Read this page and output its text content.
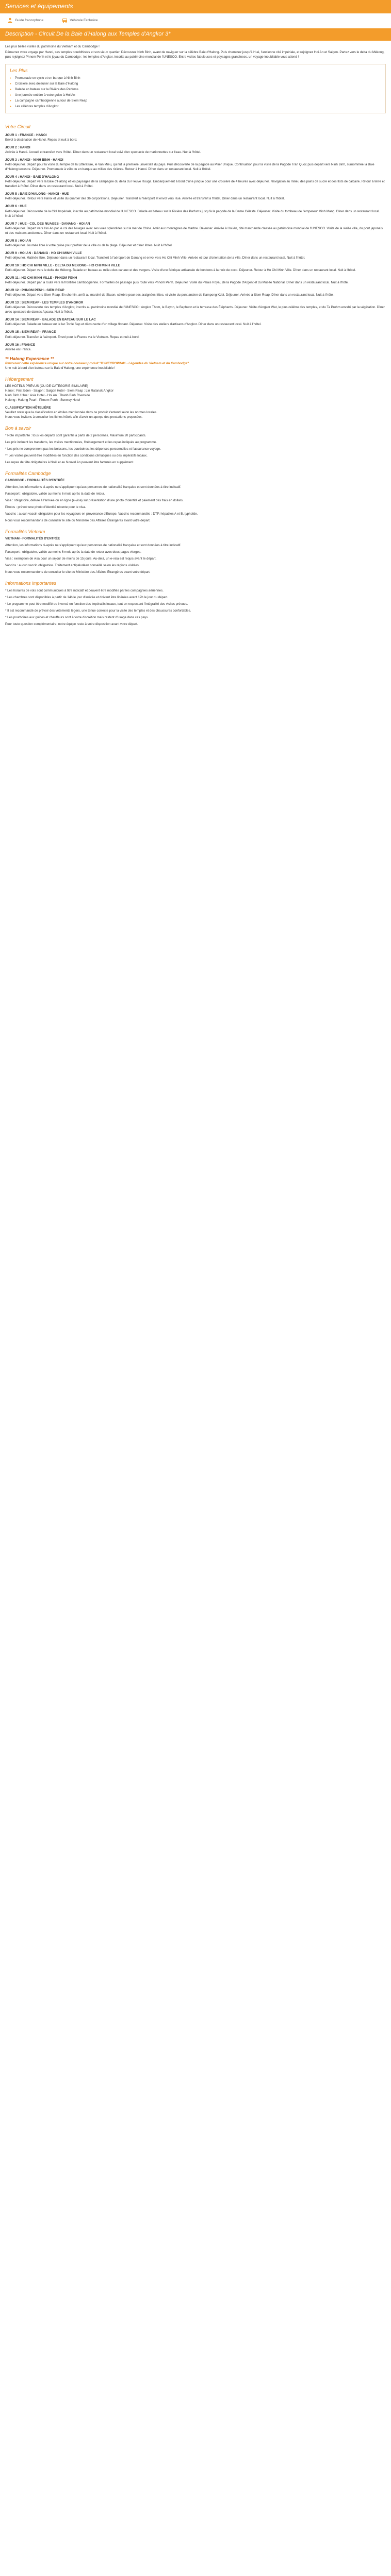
Services et équipements
Guide francophone	Véhicule Exclusive
Description - Circuit De la Baie d'Halong aux Temples d'Angkor 3*

Les plus belles visites du patrimoine du Vietnam et du Cambodge !

Démarrez votre voyage par Hanoi, ses temples bouddhistes et son vieux quartier. Découvrez Ninh Binh, avant de naviguer sur la célèbre Baie d'Halong. Puis cheminez jusqu'à Hué, l'ancienne cité impériale, et rejoignez Hoi An et Saigon. Partez vers le delta du Mékong, puis rejoignez Phnom Penh et le joyau du Cambodge : les temples d'Angkor, inscrits au patrimoine mondial de l'UNESCO. Entre visites fabuleuses et paysages grandioses, un voyage inoubliable vous attend !

Les Plus
▸ Promenade en cyclo et en barque à Ninh Binh
▸ Croisière avec déjeuner sur la Baie d'Halong
▸ Balade en bateau sur la Rivière des Parfums
▸ Une journée entière à votre guise à Hoi An
▸ La campagne cambodgienne autour de Siem Reap
▸ Les célèbres temples d'Angkor
Votre Circuit
JOUR 1 : FRANCE - HANOI

Envol à destination de Hanoi. Repas et nuit à bord.

JOUR 2 : HANOI

Arrivée à Hanoi. Accueil et transfert vers l'hôtel. Dîner dans un restaurant local suivi d'un spectacle de marionnettes sur l'eau. Nuit à l'hôtel.

JOUR 3 : HANOI - NINH BINH - HANOI

Petit-déjeuner. Départ pour la visite du temple de la Littérature, le Van Mieu, qui fut la première université du pays. Puis découverte de la pagode au Pilier Unique. Continuation pour la visite de la Pagode Tran Quoc puis départ vers Ninh Binh, surnommée la Baie d'Halong terrestre. Déjeuner. Promenade à vélo ou en barque au milieu des rizières. Retour à Hanoi. Dîner dans un restaurant local. Nuit à l'hôtel.

JOUR 4 : HANOI - BAIE D'HALONG

Petit-déjeuner. Départ vers la Baie d'Halong et les paysages de la campagne du delta du Fleuve Rouge. Embarquement à bord d'une jonque pour une croisière de 4 heures avec déjeuner. Navigation au milieu des pains de sucre et des îlots de calcaire. Retour à terre et transfert à l'hôtel. Dîner dans un restaurant local. Nuit à l'hôtel.

JOUR 5 : BAIE D'HALONG - HANOI - HUE

Petit-déjeuner. Retour vers Hanoi et visite du quartier des 36 corporations. Déjeuner. Transfert à l'aéroport et envol vers Hué. Arrivée et transfert à l'hôtel. Dîner dans un restaurant local. Nuit à l'hôtel.

JOUR 6 : HUE

Petit-déjeuner. Découverte de la Cité Impériale, inscrite au patrimoine mondial de l'UNESCO. Balade en bateau sur la Rivière des Parfums jusqu'à la pagode de la Dame Céleste. Déjeuner. Visite du tombeau de l'empereur Minh Mang. Dîner dans un restaurant local. Nuit à l'hôtel.

JOUR 7 : HUE - COL DES NUAGES - DANANG - HOI AN

Petit-déjeuner. Départ vers Hoi An par le col des Nuages avec ses vues splendides sur la mer de Chine. Arrêt aux montagnes de Marbre. Déjeuner. Arrivée à Hoi An, cité marchande classée au patrimoine mondial de l'UNESCO. Visite de la vieille ville, du pont japonais et des maisons anciennes. Dîner dans un restaurant local. Nuit à l'hôtel.

JOUR 8 : HOI AN

Petit-déjeuner. Journée libre à votre guise pour profiter de la ville ou de la plage. Déjeuner et dîner libres. Nuit à l'hôtel.

JOUR 9 : HOI AN - DANANG - HO CHI MINH VILLE

Petit-déjeuner. Matinée libre. Déjeuner dans un restaurant local. Transfert à l'aéroport de Danang et envol vers Ho Chi Minh Ville. Arrivée et tour d'orientation de la ville. Dîner dans un restaurant local. Nuit à l'hôtel.

JOUR 10 : HO CHI MINH VILLE - DELTA DU MEKONG - HO CHI MINH VILLE

Petit-déjeuner. Départ vers le delta du Mékong. Balade en bateau au milieu des canaux et des vergers. Visite d'une fabrique artisanale de bonbons à la noix de coco. Déjeuner. Retour à Ho Chi Minh Ville. Dîner dans un restaurant local. Nuit à l'hôtel.

JOUR 11 : HO CHI MINH VILLE - PHNOM PENH

Petit-déjeuner. Départ par la route vers la frontière cambodgienne. Formalités de passage puis route vers Phnom Penh. Déjeuner. Visite du Palais Royal, de la Pagode d'Argent et du Musée National. Dîner dans un restaurant local. Nuit à l'hôtel.

JOUR 12 : PHNOM PENH - SIEM REAP

Petit-déjeuner. Départ vers Siem Reap. En chemin, arrêt au marché de Skuon, célèbre pour ses araignées frites, et visite du pont ancien de Kampong Kdei. Déjeuner. Arrivée à Siem Reap. Dîner dans un restaurant local. Nuit à l'hôtel.

JOUR 13 : SIEM REAP - LES TEMPLES D'ANGKOR

Petit-déjeuner. Découverte des temples d'Angkor, inscrits au patrimoine mondial de l'UNESCO : Angkor Thom, le Bayon, le Baphuon et la terrasse des Éléphants. Déjeuner. Visite d'Angkor Wat, le plus célèbre des temples, et du Ta Prohm envahi par la végétation. Dîner avec spectacle de danses Apsara. Nuit à l'hôtel.

JOUR 14 : SIEM REAP - BALADE EN BATEAU SUR LE LAC

Petit-déjeuner. Balade en bateau sur le lac Tonlé Sap et découverte d'un village flottant. Déjeuner. Visite des ateliers d'artisans d'Angkor. Dîner dans un restaurant local. Nuit à l'hôtel.

JOUR 15 : SIEM REAP - FRANCE

Petit-déjeuner. Transfert à l'aéroport. Envol pour la France via le Vietnam. Repas et nuit à bord.

JOUR 16 : FRANCE

Arrivée en France.

** Halong Experience **

Retrouvez cette expérience unique sur notre nouveau produit "DYNECROWN01 - Légendes du Vietnam et du Cambodge".

Une nuit à bord d'un bateau sur la Baie d'Halong, une expérience inoubliable !

Hébergement

LES HÔTELS PRÉVUS (OU DE CATÉGORIE SIMILAIRE)

Hanoi : First Eden - Saigon : Saigon Hotel - Siem Reap : Lin Ratanak Angkor
Ninh Binh / Hue : Asia Hotel - Hoi An : Thanh Binh Riverside
Halong : Halong Pearl - Phnom Penh : Sunway Hotel

CLASSIFICATION HÔTELIÈRE

Veuillez noter que la classification en étoiles mentionnée dans ce produit s'entend selon les normes locales.

Nous vous invitons à consulter les fiches hôtels afin d'avoir un aperçu des prestations proposées.

Bon à savoir

* Note importante : tous les départs sont garantis à partir de 2 personnes. Maximum 20 participants.

Les prix incluent les transferts, les visites mentionnées, l'hébergement et les repas indiqués au programme.

* Les prix ne comprennent pas les boissons, les pourboires, les dépenses personnelles et l'assurance voyage.

** Les visites peuvent être modifiées en fonction des conditions climatiques ou des impératifs locaux.

Les repas de fête obligatoires à Noël et au Nouvel An peuvent être facturés en supplément.

Formalités Cambodge

CAMBODGE - FORMALITÉS D'ENTRÉE

Attention, les informations ci-après ne s'appliquent qu'aux personnes de nationalité française et sont données à titre indicatif.

Passeport : obligatoire, valide au moins 6 mois après la date de retour.

Visa : obligatoire, délivré à l'arrivée ou en ligne (e-visa) sur présentation d'une photo d'identité et paiement des frais en dollars.

Photos : prévoir une photo d'identité récente pour le visa.

Vaccins : aucun vaccin obligatoire pour les voyageurs en provenance d'Europe. Vaccins recommandés : DTP, hépatites A et B, typhoïde.

Nous vous recommandons de consulter le site du Ministère des Affaires Étrangères avant votre départ.

Formalités Vietnam

VIETNAM - FORMALITÉS D'ENTRÉE

Attention, les informations ci-après ne s'appliquent qu'aux personnes de nationalité française et sont données à titre indicatif.

Passeport : obligatoire, valide au moins 6 mois après la date de retour avec deux pages vierges.

Visa : exemption de visa pour un séjour de moins de 15 jours. Au-delà, un e-visa est requis avant le départ.

Vaccins : aucun vaccin obligatoire. Traitement antipaludéen conseillé selon les régions visitées.

Nous vous recommandons de consulter le site du Ministère des Affaires Étrangères avant votre départ.

Informations importantes

* Les horaires de vols sont communiqués à titre indicatif et peuvent être modifiés par les compagnies aériennes.

* Les chambres sont disponibles à partir de 14h le jour d'arrivée et doivent être libérées avant 12h le jour du départ.

* Le programme peut être modifié ou inversé en fonction des impératifs locaux, tout en respectant l'intégralité des visites prévues.

* Il est recommandé de prévoir des vêtements légers, une tenue correcte pour la visite des temples et des chaussures confortables.

* Les pourboires aux guides et chauffeurs sont à votre discrétion mais restent d'usage dans ces pays.

Pour toute question complémentaire, notre équipe reste à votre disposition avant votre départ.
